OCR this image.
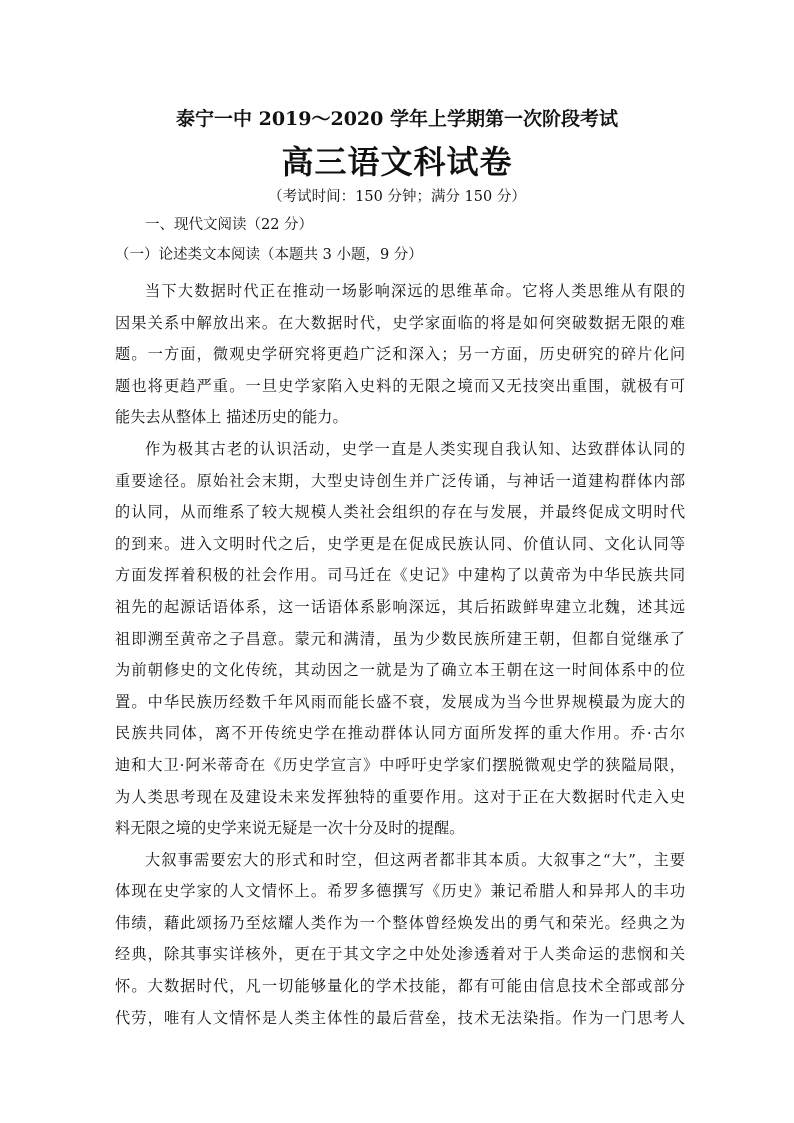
泰宁一中 2019～2020 学年上学期第一次阶段考试
高三语文科试卷
（考试时间：150 分钟；满分 150 分）
一、现代文阅读（22 分）
（一）论述类文本阅读（本题共 3 小题，9 分）
当下大数据时代正在推动一场影响深远的思维革命。它将人类思维从有限的
因果关系中解放出来。在大数据时代，史学家面临的将是如何突破数据无限的难
题。一方面，微观史学研究将更趋广泛和深入；另一方面，历史研究的碎片化问
题也将更趋严重。一旦史学家陷入史料的无限之境而又无技突出重围，就极有可
能失去从整体上 描述历史的能力。
作为极其古老的认识活动，史学一直是人类实现自我认知、达致群体认同的
重要途径。原始社会末期，大型史诗创生并广泛传诵，与神话一道建构群体内部
的认同，从而维系了较大规模人类社会组织的存在与发展，并最终促成文明时代
的到来。进入文明时代之后，史学更是在促成民族认同、价值认同、文化认同等
方面发挥着积极的社会作用。司马迁在《史记》中建构了以黄帝为中华民族共同
祖先的起源话语体系，这一话语体系影响深远，其后拓跋鲜卑建立北魏，述其远
祖即溯至黄帝之子昌意。蒙元和满清，虽为少数民族所建王朝，但都自觉继承了
为前朝修史的文化传统，其动因之一就是为了确立本王朝在这一时间体系中的位
置。中华民族历经数千年风雨而能长盛不衰，发展成为当今世界规模最为庞大的
民族共同体，离不开传统史学在推动群体认同方面所发挥的重大作用。乔·古尔
迪和大卫·阿米蒂奇在《历史学宣言》中呼吁史学家们摆脱微观史学的狭隘局限，
为人类思考现在及建设未来发挥独特的重要作用。这对于正在大数据时代走入史
料无限之境的史学来说无疑是一次十分及时的提醒。
大叙事需要宏大的形式和时空，但这两者都非其本质。大叙事之“大”，主要
体现在史学家的人文情怀上。希罗多德撰写《历史》兼记希腊人和异邦人的丰功
伟绩，藉此颂扬乃至炫耀人类作为一个整体曾经焕发出的勇气和荣光。经典之为
经典，除其事实详核外，更在于其文字之中处处渗透着对于人类命运的悲悯和关
怀。大数据时代，凡一切能够量化的学术技能，都有可能由信息技术全部或部分
代劳，唯有人文情怀是人类主体性的最后营垒，技术无法染指。作为一门思考人
